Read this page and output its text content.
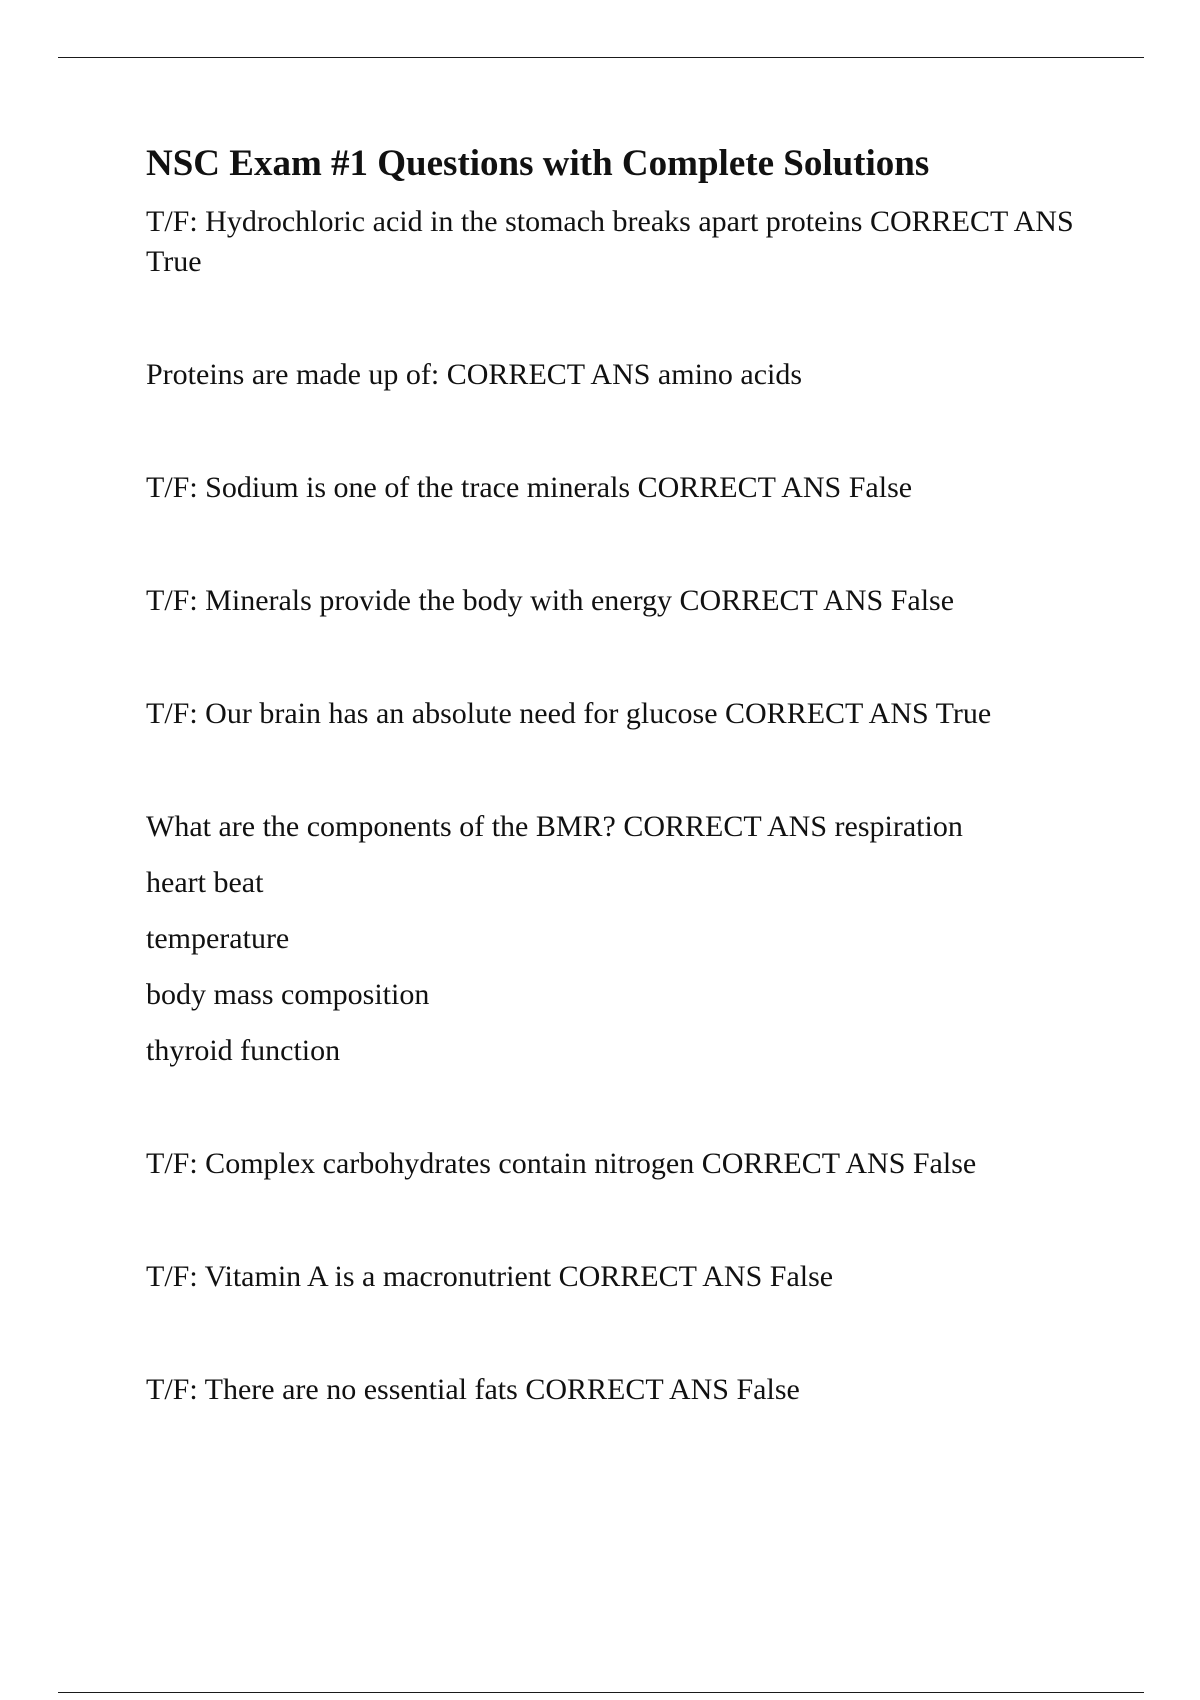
NSC Exam #1 Questions with Complete Solutions

T/F: Hydrochloric acid in the stomach breaks apart proteins CORRECT ANS True

Proteins are made up of: CORRECT ANS amino acids

T/F: Sodium is one of the trace minerals CORRECT ANS False

T/F: Minerals provide the body with energy CORRECT ANS False

T/F: Our brain has an absolute need for glucose CORRECT ANS True

What are the components of the BMR? CORRECT ANS respiration

heart beat
temperature
body mass composition
thyroid function

T/F: Complex carbohydrates contain nitrogen CORRECT ANS False

T/F: Vitamin A is a macronutrient CORRECT ANS False

T/F: There are no essential fats CORRECT ANS False
